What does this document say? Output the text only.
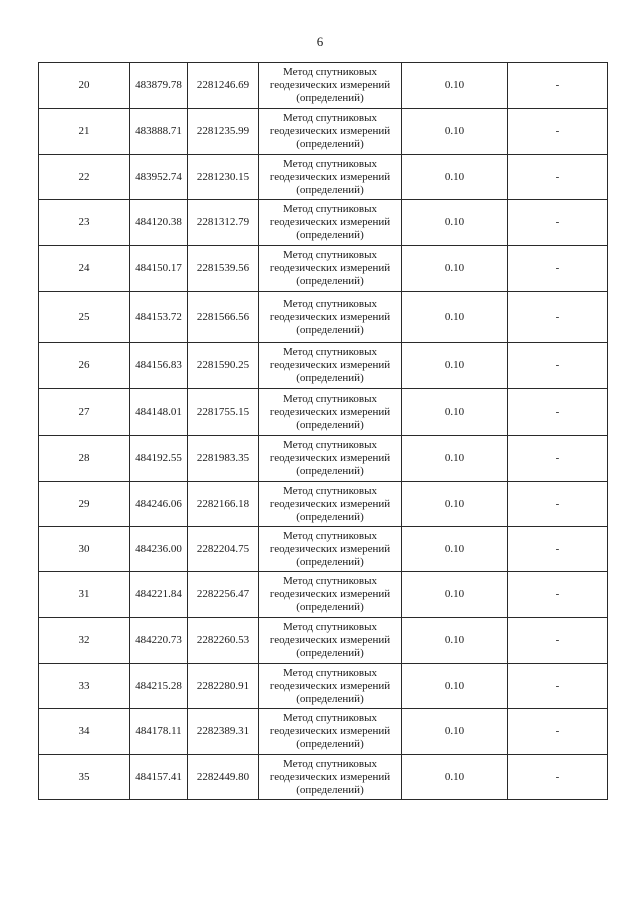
6
20	483879.78	2281246.69	Метод спутниковых
геодезических измерений
(определений)	0.10	-
21	483888.71	2281235.99	Метод спутниковых
геодезических измерений
(определений)	0.10	-
22	483952.74	2281230.15	Метод спутниковых
геодезических измерений
(определений)	0.10	-
23	484120.38	2281312.79	Метод спутниковых
геодезических измерений
(определений)	0.10	-
24	484150.17	2281539.56	Метод спутниковых
геодезических измерений
(определений)	0.10	-
25	484153.72	2281566.56	Метод спутниковых
геодезических измерений
(определений)	0.10	-
26	484156.83	2281590.25	Метод спутниковых
геодезических измерений
(определений)	0.10	-
27	484148.01	2281755.15	Метод спутниковых
геодезических измерений
(определений)	0.10	-
28	484192.55	2281983.35	Метод спутниковых
геодезических измерений
(определений)	0.10	-
29	484246.06	2282166.18	Метод спутниковых
геодезических измерений
(определений)	0.10	-
30	484236.00	2282204.75	Метод спутниковых
геодезических измерений
(определений)	0.10	-
31	484221.84	2282256.47	Метод спутниковых
геодезических измерений
(определений)	0.10	-
32	484220.73	2282260.53	Метод спутниковых
геодезических измерений
(определений)	0.10	-
33	484215.28	2282280.91	Метод спутниковых
геодезических измерений
(определений)	0.10	-
34	484178.11	2282389.31	Метод спутниковых
геодезических измерений
(определений)	0.10	-
35	484157.41	2282449.80	Метод спутниковых
геодезических измерений
(определений)	0.10	-
